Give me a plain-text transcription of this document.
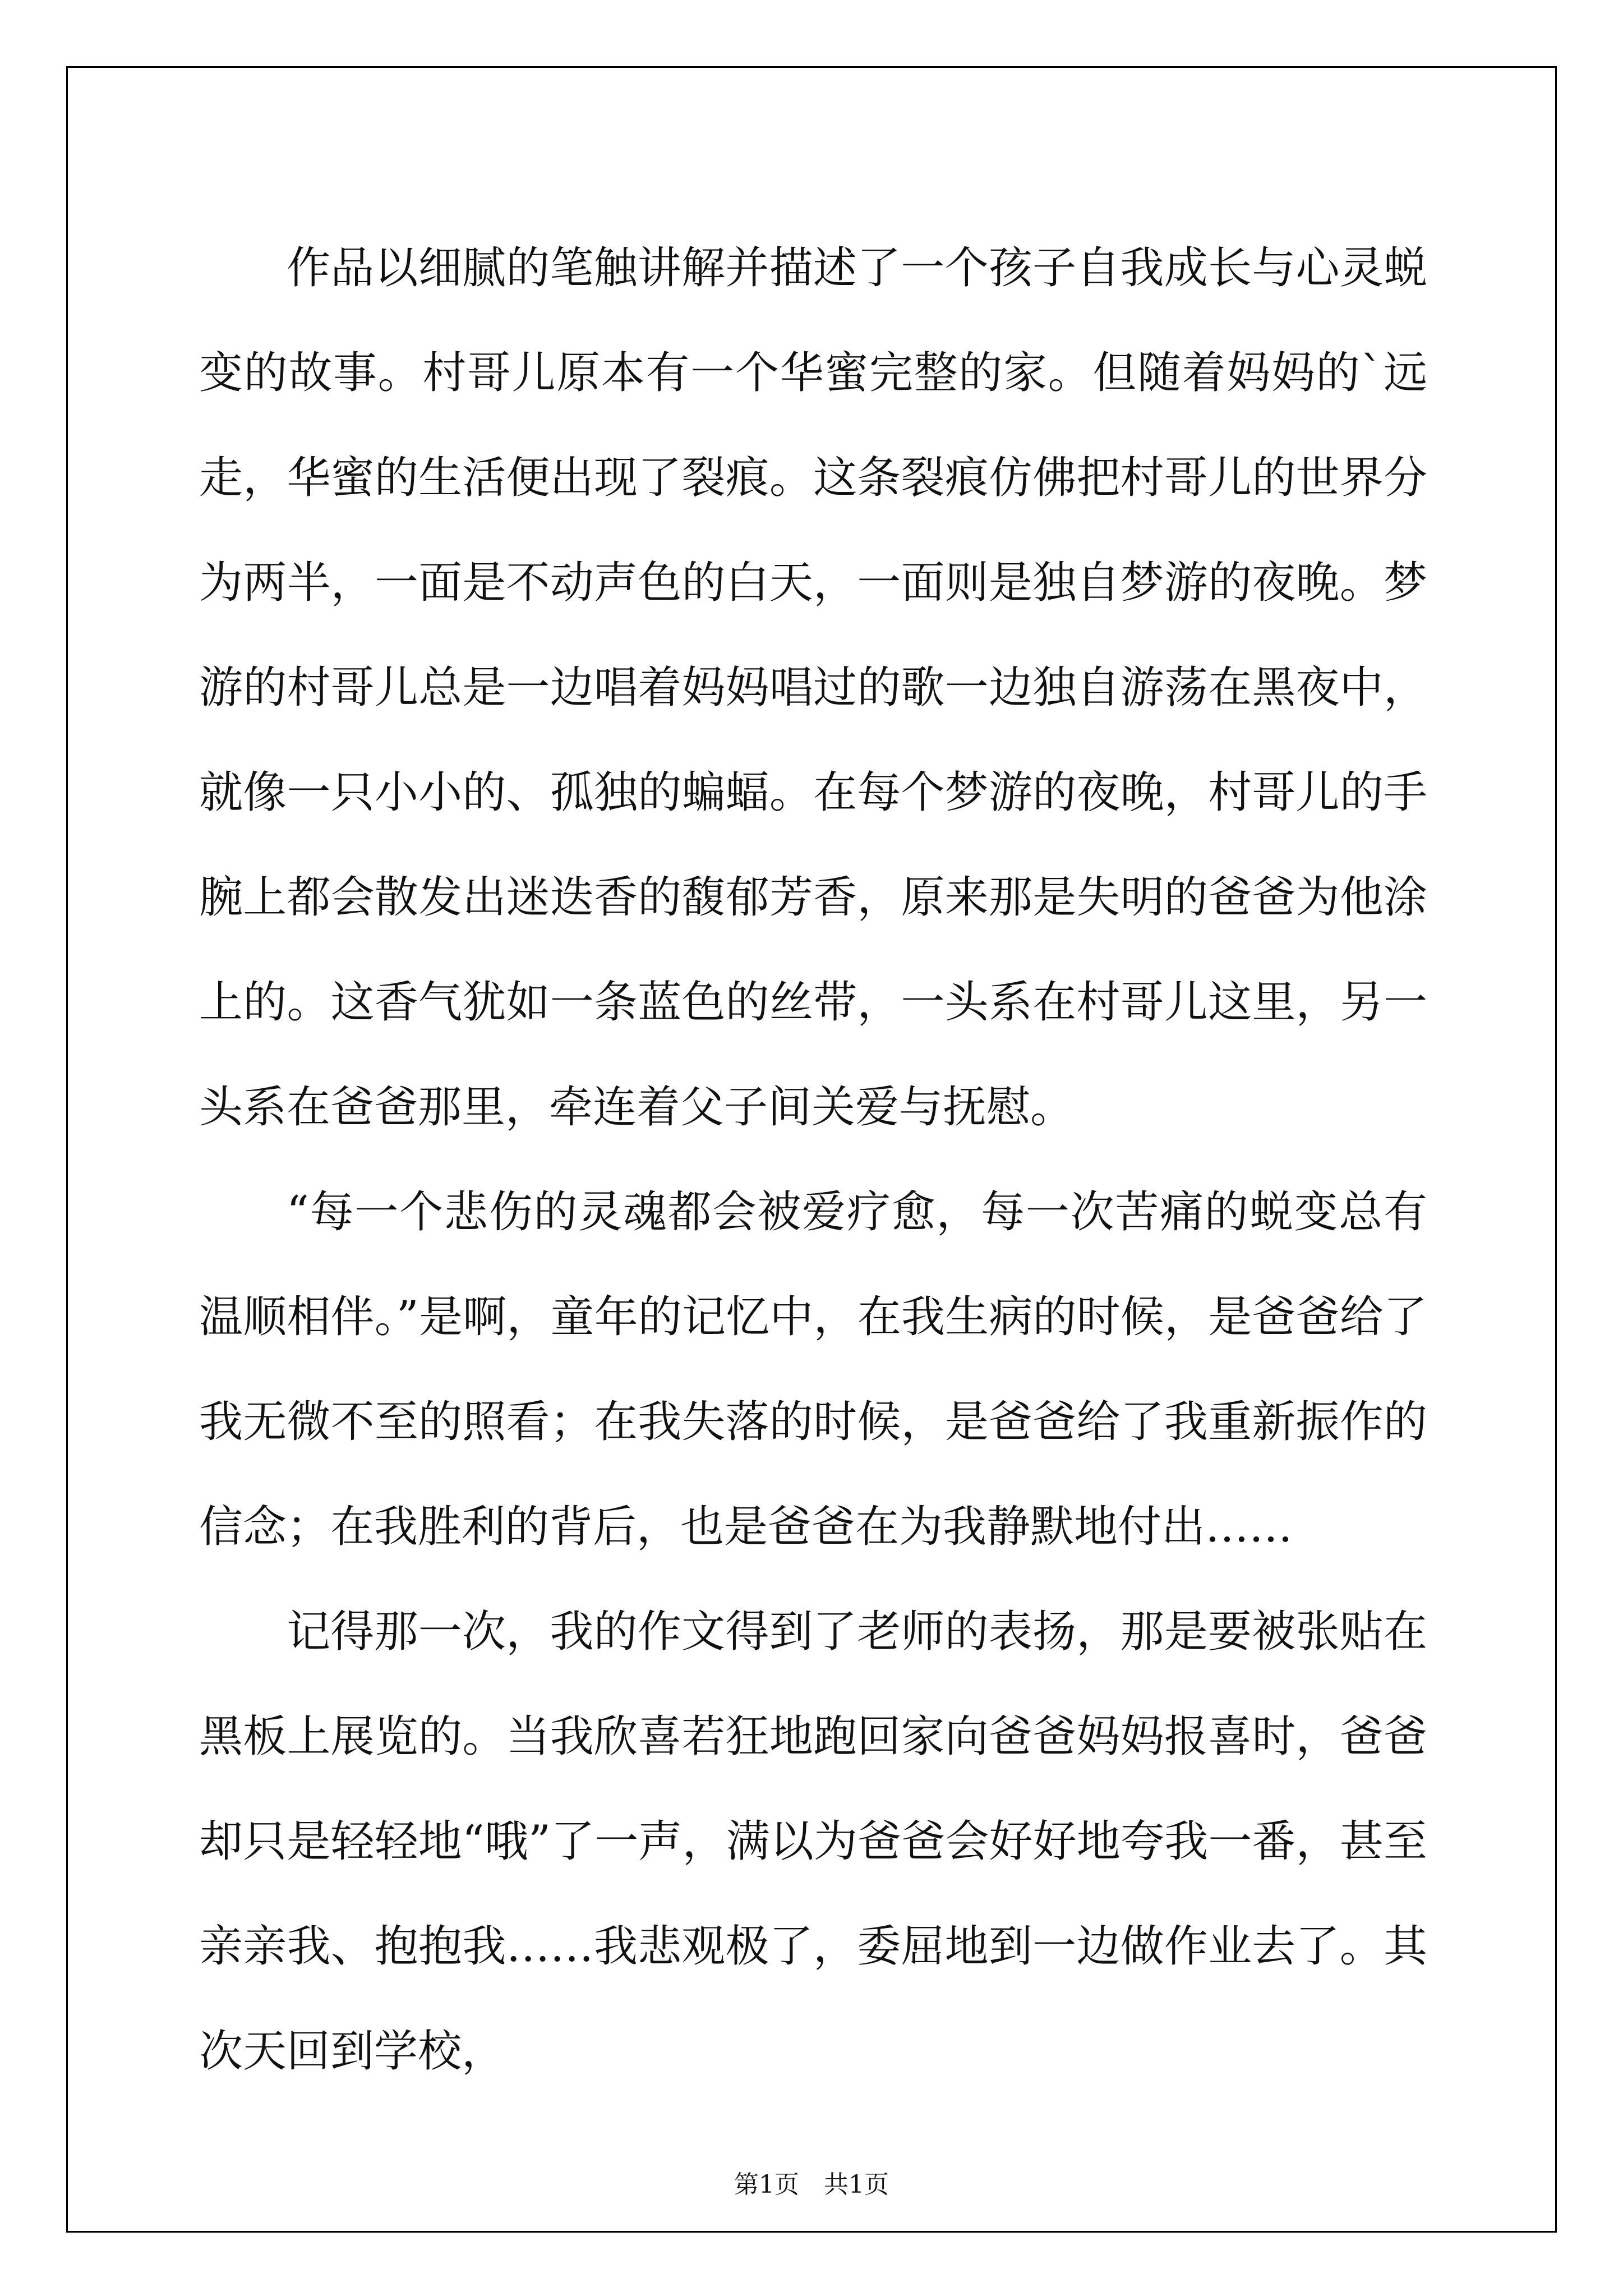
作品以细腻的笔触讲解并描述了一个孩子自我成长与心灵蜕变的故事。村哥儿原本有一个华蜜完整的家。但随着妈妈的`远走，华蜜的生活便出现了裂痕。这条裂痕仿佛把村哥儿的世界分为两半，一面是不动声色的白天，一面则是独自梦游的夜晚。梦游的村哥儿总是一边唱着妈妈唱过的歌一边独自游荡在黑夜中，就像一只小小的、孤独的蝙蝠。在每个梦游的夜晚，村哥儿的手腕上都会散发出迷迭香的馥郁芳香，原来那是失明的爸爸为他涂上的。这香气犹如一条蓝色的丝带，一头系在村哥儿这里，另一头系在爸爸那里，牵连着父子间关爱与抚慰。

“每一个悲伤的灵魂都会被爱疗愈，每一次苦痛的蜕变总有温顺相伴。”是啊，童年的记忆中，在我生病的时候，是爸爸给了我无微不至的照看；在我失落的时候，是爸爸给了我重新振作的信念；在我胜利的背后，也是爸爸在为我静默地付出……

记得那一次，我的作文得到了老师的表扬，那是要被张贴在黑板上展览的。当我欣喜若狂地跑回家向爸爸妈妈报喜时，爸爸却只是轻轻地“哦”了一声，满以为爸爸会好好地夸我一番，甚至亲亲我、抱抱我……我悲观极了，委屈地到一边做作业去了。其次天回到学校，

第1页 共1页
